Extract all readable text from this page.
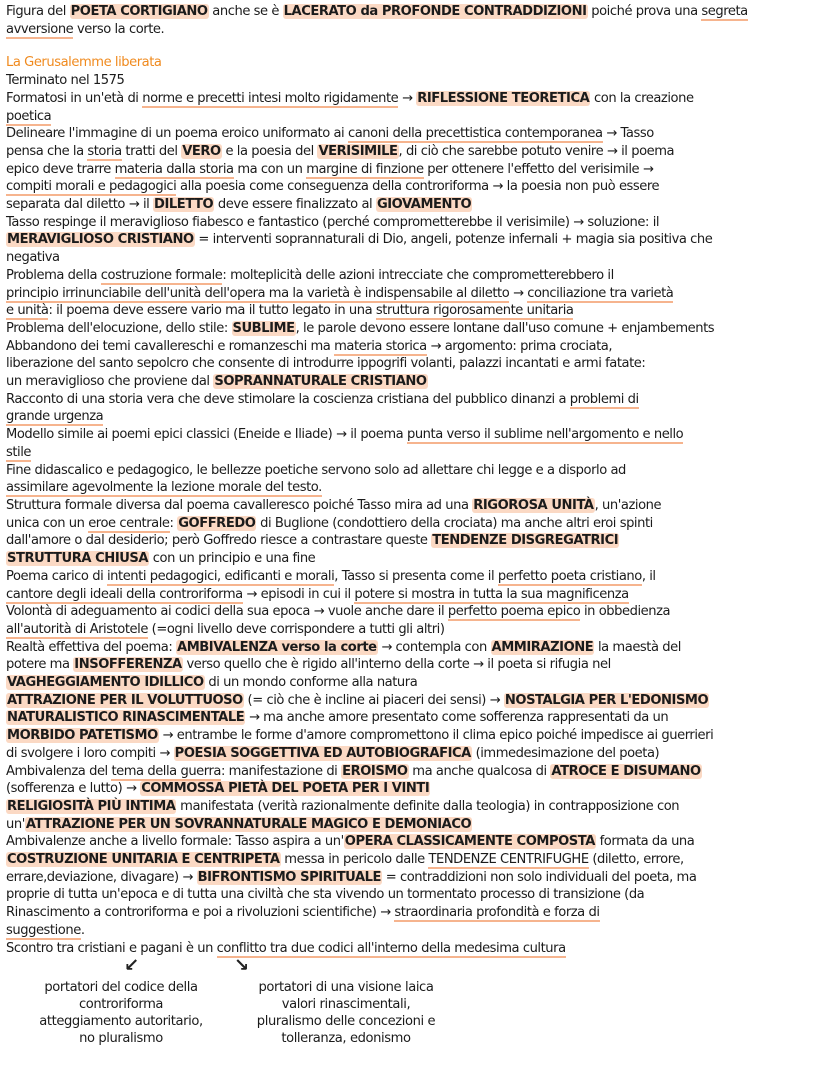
Figura del POETA CORTIGIANO anche se è LACERATO da PROFONDE CONTRADDIZIONI poiché prova una segreta
avversione verso la corte.
La Gerusalemme liberata
Terminato nel 1575
Formatosi in un'età di norme e precetti intesi molto rigidamente → RIFLESSIONE TEORETICA con la creazione
poetica
Delineare l'immagine di un poema eroico uniformato ai canoni della precettistica contemporanea → Tasso
pensa che la storia tratti del VERO e la poesia del VERISIMILE, di ciò che sarebbe potuto venire → il poema
epico deve trarre materia dalla storia ma con un margine di finzione per ottenere l'effetto del verisimile →
compiti morali e pedagogici alla poesia come conseguenza della controriforma → la poesia non può essere
separata dal diletto → il DILETTO deve essere finalizzato al GIOVAMENTO
Tasso respinge il meraviglioso fiabesco e fantastico (perché comprometterebbe il verisimile) → soluzione: il
MERAVIGLIOSO CRISTIANO = interventi soprannaturali di Dio, angeli, potenze infernali + magia sia positiva che
negativa
Problema della costruzione formale: molteplicità delle azioni intrecciate che comprometterebbero il
principio irrinunciabile dell'unità dell'opera ma la varietà è indispensabile al diletto → conciliazione tra varietà
e unità: il poema deve essere vario ma il tutto legato in una struttura rigorosamente unitaria
Problema dell'elocuzione, dello stile: SUBLIME, le parole devono essere lontane dall'uso comune + enjambements
Abbandono dei temi cavallereschi e romanzeschi ma materia storica → argomento: prima crociata,
liberazione del santo sepolcro che consente di introdurre ippogrifi volanti, palazzi incantati e armi fatate:
un meraviglioso che proviene dal SOPRANNATURALE CRISTIANO
Racconto di una storia vera che deve stimolare la coscienza cristiana del pubblico dinanzi a problemi di
grande urgenza
Modello simile ai poemi epici classici (Eneide e Iliade) → il poema punta verso il sublime nell'argomento e nello
stile
Fine didascalico e pedagogico, le bellezze poetiche servono solo ad allettare chi legge e a disporlo ad
assimilare agevolmente la lezione morale del testo.
Struttura formale diversa dal poema cavalleresco poiché Tasso mira ad una RIGOROSA UNITÀ, un'azione
unica con un eroe centrale: GOFFREDO di Buglione (condottiero della crociata) ma anche altri eroi spinti
dall'amore o dal desiderio; però Goffredo riesce a contrastare queste TENDENZE DISGREGATRICI
STRUTTURA CHIUSA con un principio e una fine
Poema carico di intenti pedagogici, edificanti e morali, Tasso si presenta come il perfetto poeta cristiano, il
cantore degli ideali della controriforma → episodi in cui il potere si mostra in tutta la sua magnificenza
Volontà di adeguamento ai codici della sua epoca → vuole anche dare il perfetto poema epico in obbedienza
all'autorità di Aristotele (=ogni livello deve corrispondere a tutti gli altri)
Realtà effettiva del poema: AMBIVALENZA verso la corte → contempla con AMMIRAZIONE la maestà del
potere ma INSOFFERENZA verso quello che è rigido all'interno della corte → il poeta si rifugia nel
VAGHEGGIAMENTO IDILLICO di un mondo conforme alla natura
ATTRAZIONE PER IL VOLUTTUOSO (= ciò che è incline ai piaceri dei sensi) → NOSTALGIA PER L'EDONISMO
NATURALISTICO RINASCIMENTALE → ma anche amore presentato come sofferenza rappresentati da un
MORBIDO PATETISMO → entrambe le forme d'amore compromettono il clima epico poiché impedisce ai guerrieri
di svolgere i loro compiti → POESIA SOGGETTIVA ED AUTOBIOGRAFICA (immedesimazione del poeta)
Ambivalenza del tema della guerra: manifestazione di EROISMO ma anche qualcosa di ATROCE E DISUMANO
(sofferenza e lutto) → COMMOSSA PIETÀ DEL POETA PER I VINTI
RELIGIOSITÀ PIÙ INTIMA manifestata (verità razionalmente definite dalla teologia) in contrapposizione con
un'ATTRAZIONE PER UN SOVRANNATURALE MAGICO E DEMONIACO
Ambivalenze anche a livello formale: Tasso aspira a un'OPERA CLASSICAMENTE COMPOSTA formata da una
COSTRUZIONE UNITARIA E CENTRIPETA messa in pericolo dalle TENDENZE CENTRIFUGHE (diletto, errore,
errare,deviazione, divagare) → BIFRONTISMO SPIRITUALE = contraddizioni non solo individuali del poeta, ma
proprie di tutta un'epoca e di tutta una civiltà che sta vivendo un tormentato processo di transizione (da
Rinascimento a controriforma e poi a rivoluzioni scientifiche) → straordinaria profondità e forza di
suggestione.
Scontro tra cristiani e pagani è un conflitto tra due codici all'interno della medesima cultura
↙	↘
portatori del codice della
controriforma
atteggiamento autoritario,
no pluralismo
portatori di una visione laica
valori rinascimentali,
pluralismo delle concezioni e
tolleranza, edonismo
